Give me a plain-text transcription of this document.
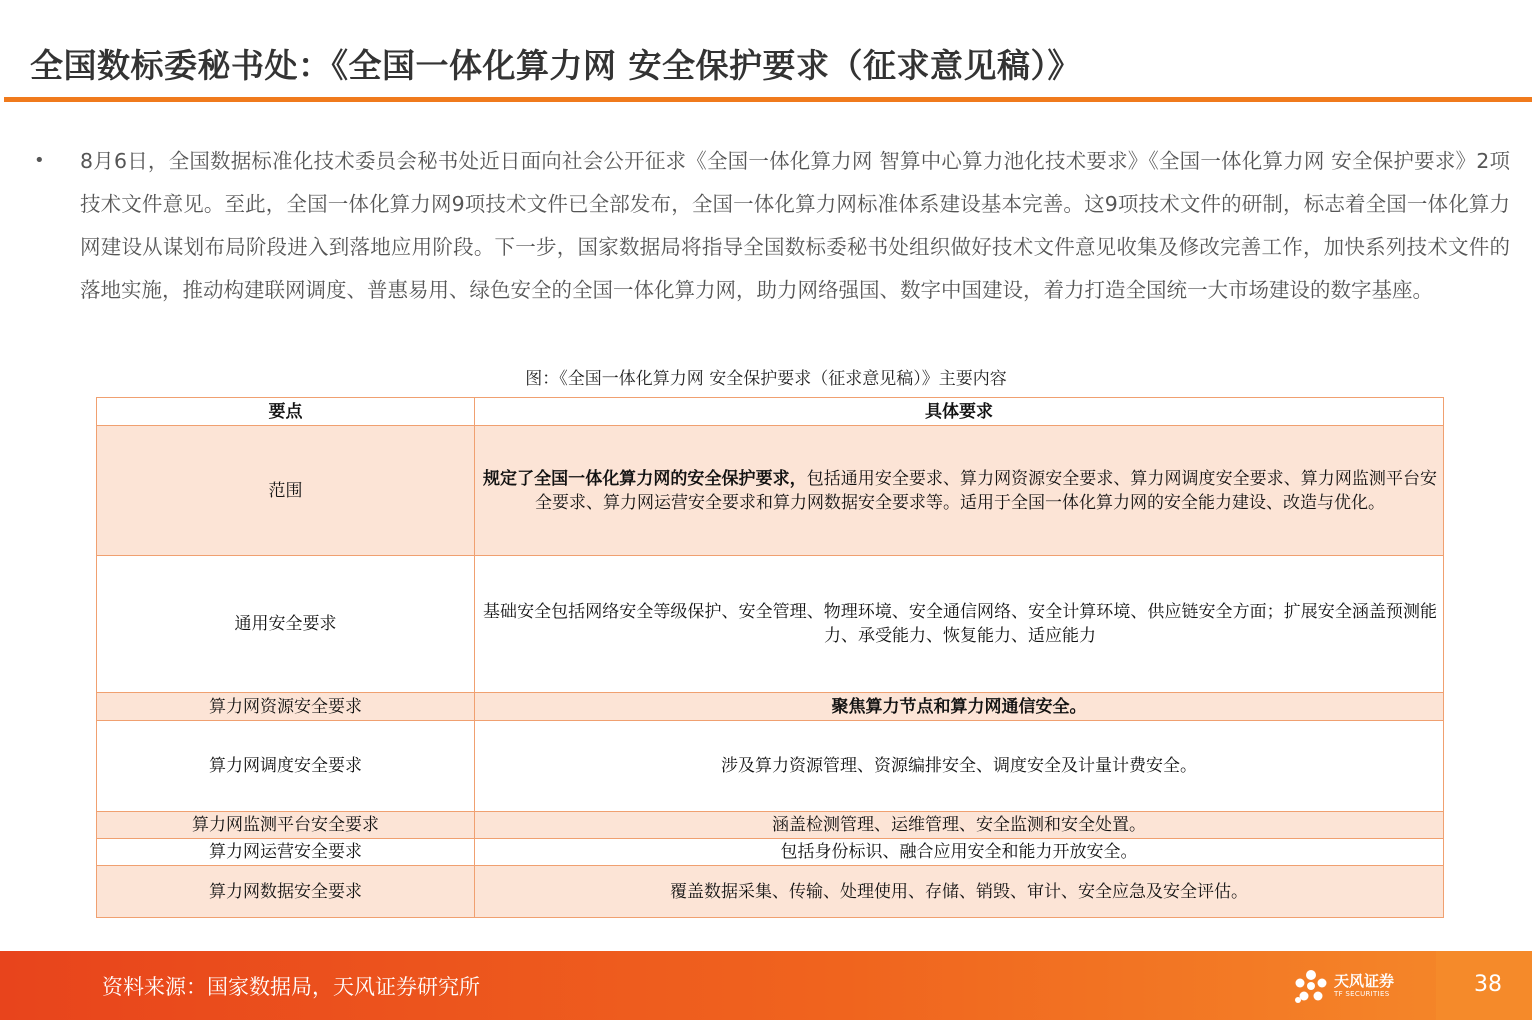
全国数标委秘书处：《全国一体化算力网 安全保护要求（征求意见稿）》
• 8月6日，全国数据标准化技术委员会秘书处近日面向社会公开征求《全国一体化算力网 智算中心算力池化技术要求》《全国一体化算力网 安全保护要求》2项技术文件意见。至此，全国一体化算力网9项技术文件已全部发布，全国一体化算力网标准体系建设基本完善。这9项技术文件的研制，标志着全国一体化算力网建设从谋划布局阶段进入到落地应用阶段。下一步，国家数据局将指导全国数标委秘书处组织做好技术文件意见收集及修改完善工作，加快系列技术文件的落地实施，推动构建联网调度、普惠易用、绿色安全的全国一体化算力网，助力网络强国、数字中国建设，着力打造全国统一大市场建设的数字基座。
图：《全国一体化算力网 安全保护要求（征求意见稿）》主要内容
要点	具体要求
范围	规定了全国一体化算力网的安全保护要求，包括通用安全要求、算力网资源安全要求、算力网调度安全要求、算力网监测平台安全要求、算力网运营安全要求和算力网数据安全要求等。适用于全国一体化算力网的安全能力建设、改造与优化。
通用安全要求	基础安全包括网络安全等级保护、安全管理、物理环境、安全通信网络、安全计算环境、供应链安全方面；扩展安全涵盖预测能力、承受能力、恢复能力、适应能力
算力网资源安全要求	聚焦算力节点和算力网通信安全。
算力网调度安全要求	涉及算力资源管理、资源编排安全、调度安全及计量计费安全。
算力网监测平台安全要求	涵盖检测管理、运维管理、安全监测和安全处置。
算力网运营安全要求	包括身份标识、融合应用安全和能力开放安全。
算力网数据安全要求	覆盖数据采集、传输、处理使用、存储、销毁、审计、安全应急及安全评估。
资料来源：国家数据局，天风证券研究所	天风证券
TF SECURITIES	38
